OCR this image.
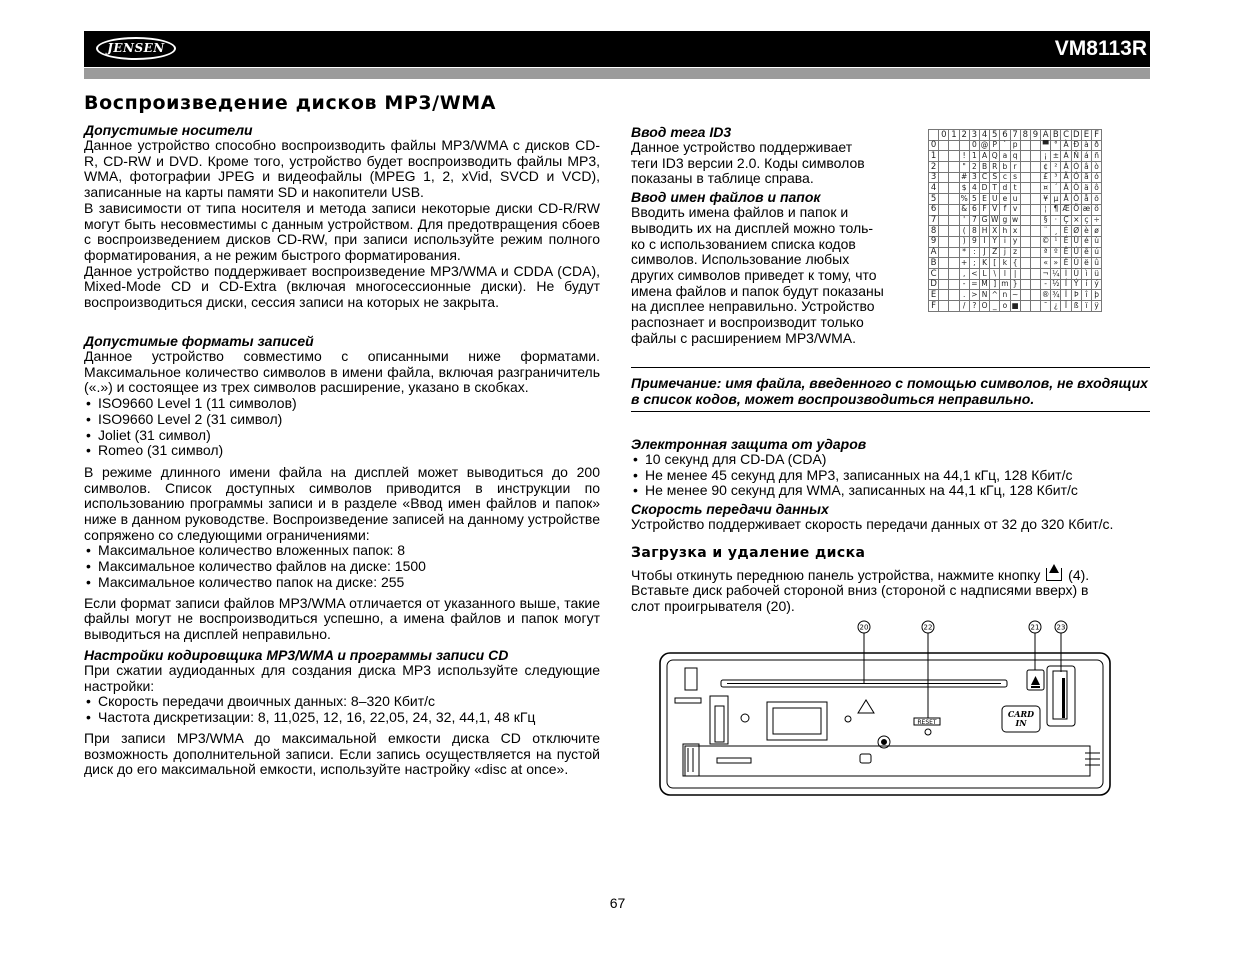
JENSEN	VM8113R
Воспроизведение дисков MP3/WMA
Допустимые носители

Данное устройство способно воспроизводить файлы MP3/WMA с дисков CD-R, CD-RW и DVD. Кроме того, устройство будет воспроизводить файлы MP3, WMA, фотографии JPEG и видеофайлы (MPEG 1, 2, xVid, SVCD и VCD), записанные на карты памяти SD и накопители USB.

В зависимости от типа носителя и метода записи некоторые диски CD-R/RW могут быть несовместимы с данным устройством. Для предотвращения сбоев с воспроизведением дисков CD-RW, при записи используйте режим полного форматирования, а не режим быстрого форматирования.

Данное устройство поддерживает воспроизведение MP3/WMA и CDDA (CDA), Mixed-Mode CD и CD-Extra (включая многосессионные диски). Не будут воспроизводиться диски, сессия записи на которых не закрыта.

Допустимые форматы записей

Данное устройство совместимо с описанными ниже форматами. Максимальное количество символов в имени файла, включая разграничитель («.») и состоящее из трех символов расширение, указано в скобках.

• ISO9660 Level 1 (11 символов)
• ISO9660 Level 2 (31 символ)
• Joliet (31 символ)
• Romeo (31 символ)

В режиме длинного имени файла на дисплей может выводиться до 200 символов. Список доступных символов приводится в инструкции по использованию программы записи и в разделе «Ввод имен файлов и папок» ниже в данном руководстве. Воспроизведение записей на данному устройстве сопряжено со следующими ограничениями:

• Максимальное количество вложенных папок: 8
• Максимальное количество файлов на диске: 1500
• Максимальное количество папок на диске: 255

Если формат записи файлов MP3/WMA отличается от указанного выше, такие файлы могут не воспроизводиться успешно, а имена файлов и папок могут выводиться на дисплей неправильно.

Настройки кодировщика MP3/WMA и программы записи CD

При сжатии аудиоданных для создания диска MP3 используйте следующие настройки:

• Скорость передачи двоичных данных: 8–320 Кбит/с
• Частота дискретизации: 8, 11,025, 12, 16, 22,05, 24, 32, 44,1, 48 кГц

При записи MP3/WMA до максимальной емкости диска CD отключите возможность дополнительной записи. Если запись осуществляется на пустой диск до его максимальной емкости, используйте настройку «disc at once».

Ввод тега ID3
Данное устройство поддерживает
теги ID3 версии 2.0. Коды символов
показаны в таблице справа.
Ввод имен файлов и папок
Вводить имена файлов и папок и
выводить их на дисплей можно толь-
ко с использованием списка кодов
символов. Использование любых
других символов приведет к тому, что
имена файлов и папок будут показаны
на дисплее неправильно. Устройство
распознает и воспроизводит только
файлы с расширением MP3/WMA.
	0	1	2	3	4	5	6	7	8	9	A	B	C	D	E	F
0				0	@	P	`	p			▀	°	À	Ð	à	ð
1			!	1	A	Q	a	q			¡	±	Á	Ñ	á	ñ
2			"	2	B	R	b	r			¢	²	Â	Ò	â	ò
3			#	3	C	S	c	s			£	³	Ã	Ó	ã	ó
4			$	4	D	T	d	t			¤	´	Ä	Ô	ä	ô
5			%	5	E	U	e	u			¥	µ	Å	Õ	å	õ
6			&	6	F	V	f	v			¦	¶	Æ	Ö	æ	ö
7			'	7	G	W	g	w			§	·	Ç	×	ç	÷
8			(	8	H	X	h	x			¨	¸	È	Ø	è	ø
9			)	9	I	Y	i	y			©	¹	É	Ù	é	ù
A			*	:	J	Z	j	z			ª	º	Ê	Ú	ê	ú
B			+	;	K	[	k	{			«	»	Ë	Û	ë	û
C			,	<	L	\	l	|			¬	¼	Ì	Ü	ì	ü
D			-	=	M	]	m	}			-	½	Í	Ý	í	ý
E			.	>	N	^	n	~			®	¾	Î	Þ	î	þ
F			/	?	O	_	o	■			¯	¿	Ï	ß	ï	ÿ
Примечание: имя файла, введенного с помощью символов, не входящих в список кодов, может воспроизводиться неправильно.
Электронная защита от ударов
• 10 секунд для CD-DA (CDA)
• Не менее 45 секунд для MP3, записанных на 44,1 кГц, 128 Кбит/с
• Не менее 90 секунд для WMA, записанных на 44,1 кГц, 128 Кбит/с
Скорость передачи данных
Устройство поддерживает скорость передачи данных от 32 до 320 Кбит/с.
Загрузка и удаление диска
Чтобы откинуть переднюю панель устройства, нажмите кнопку (4).
Вставьте диск рабочей стороной вниз (стороной с надписями вверх) в
слот проигрывателя (20).
20	22	21 23
RESET
CARD
IN
67
